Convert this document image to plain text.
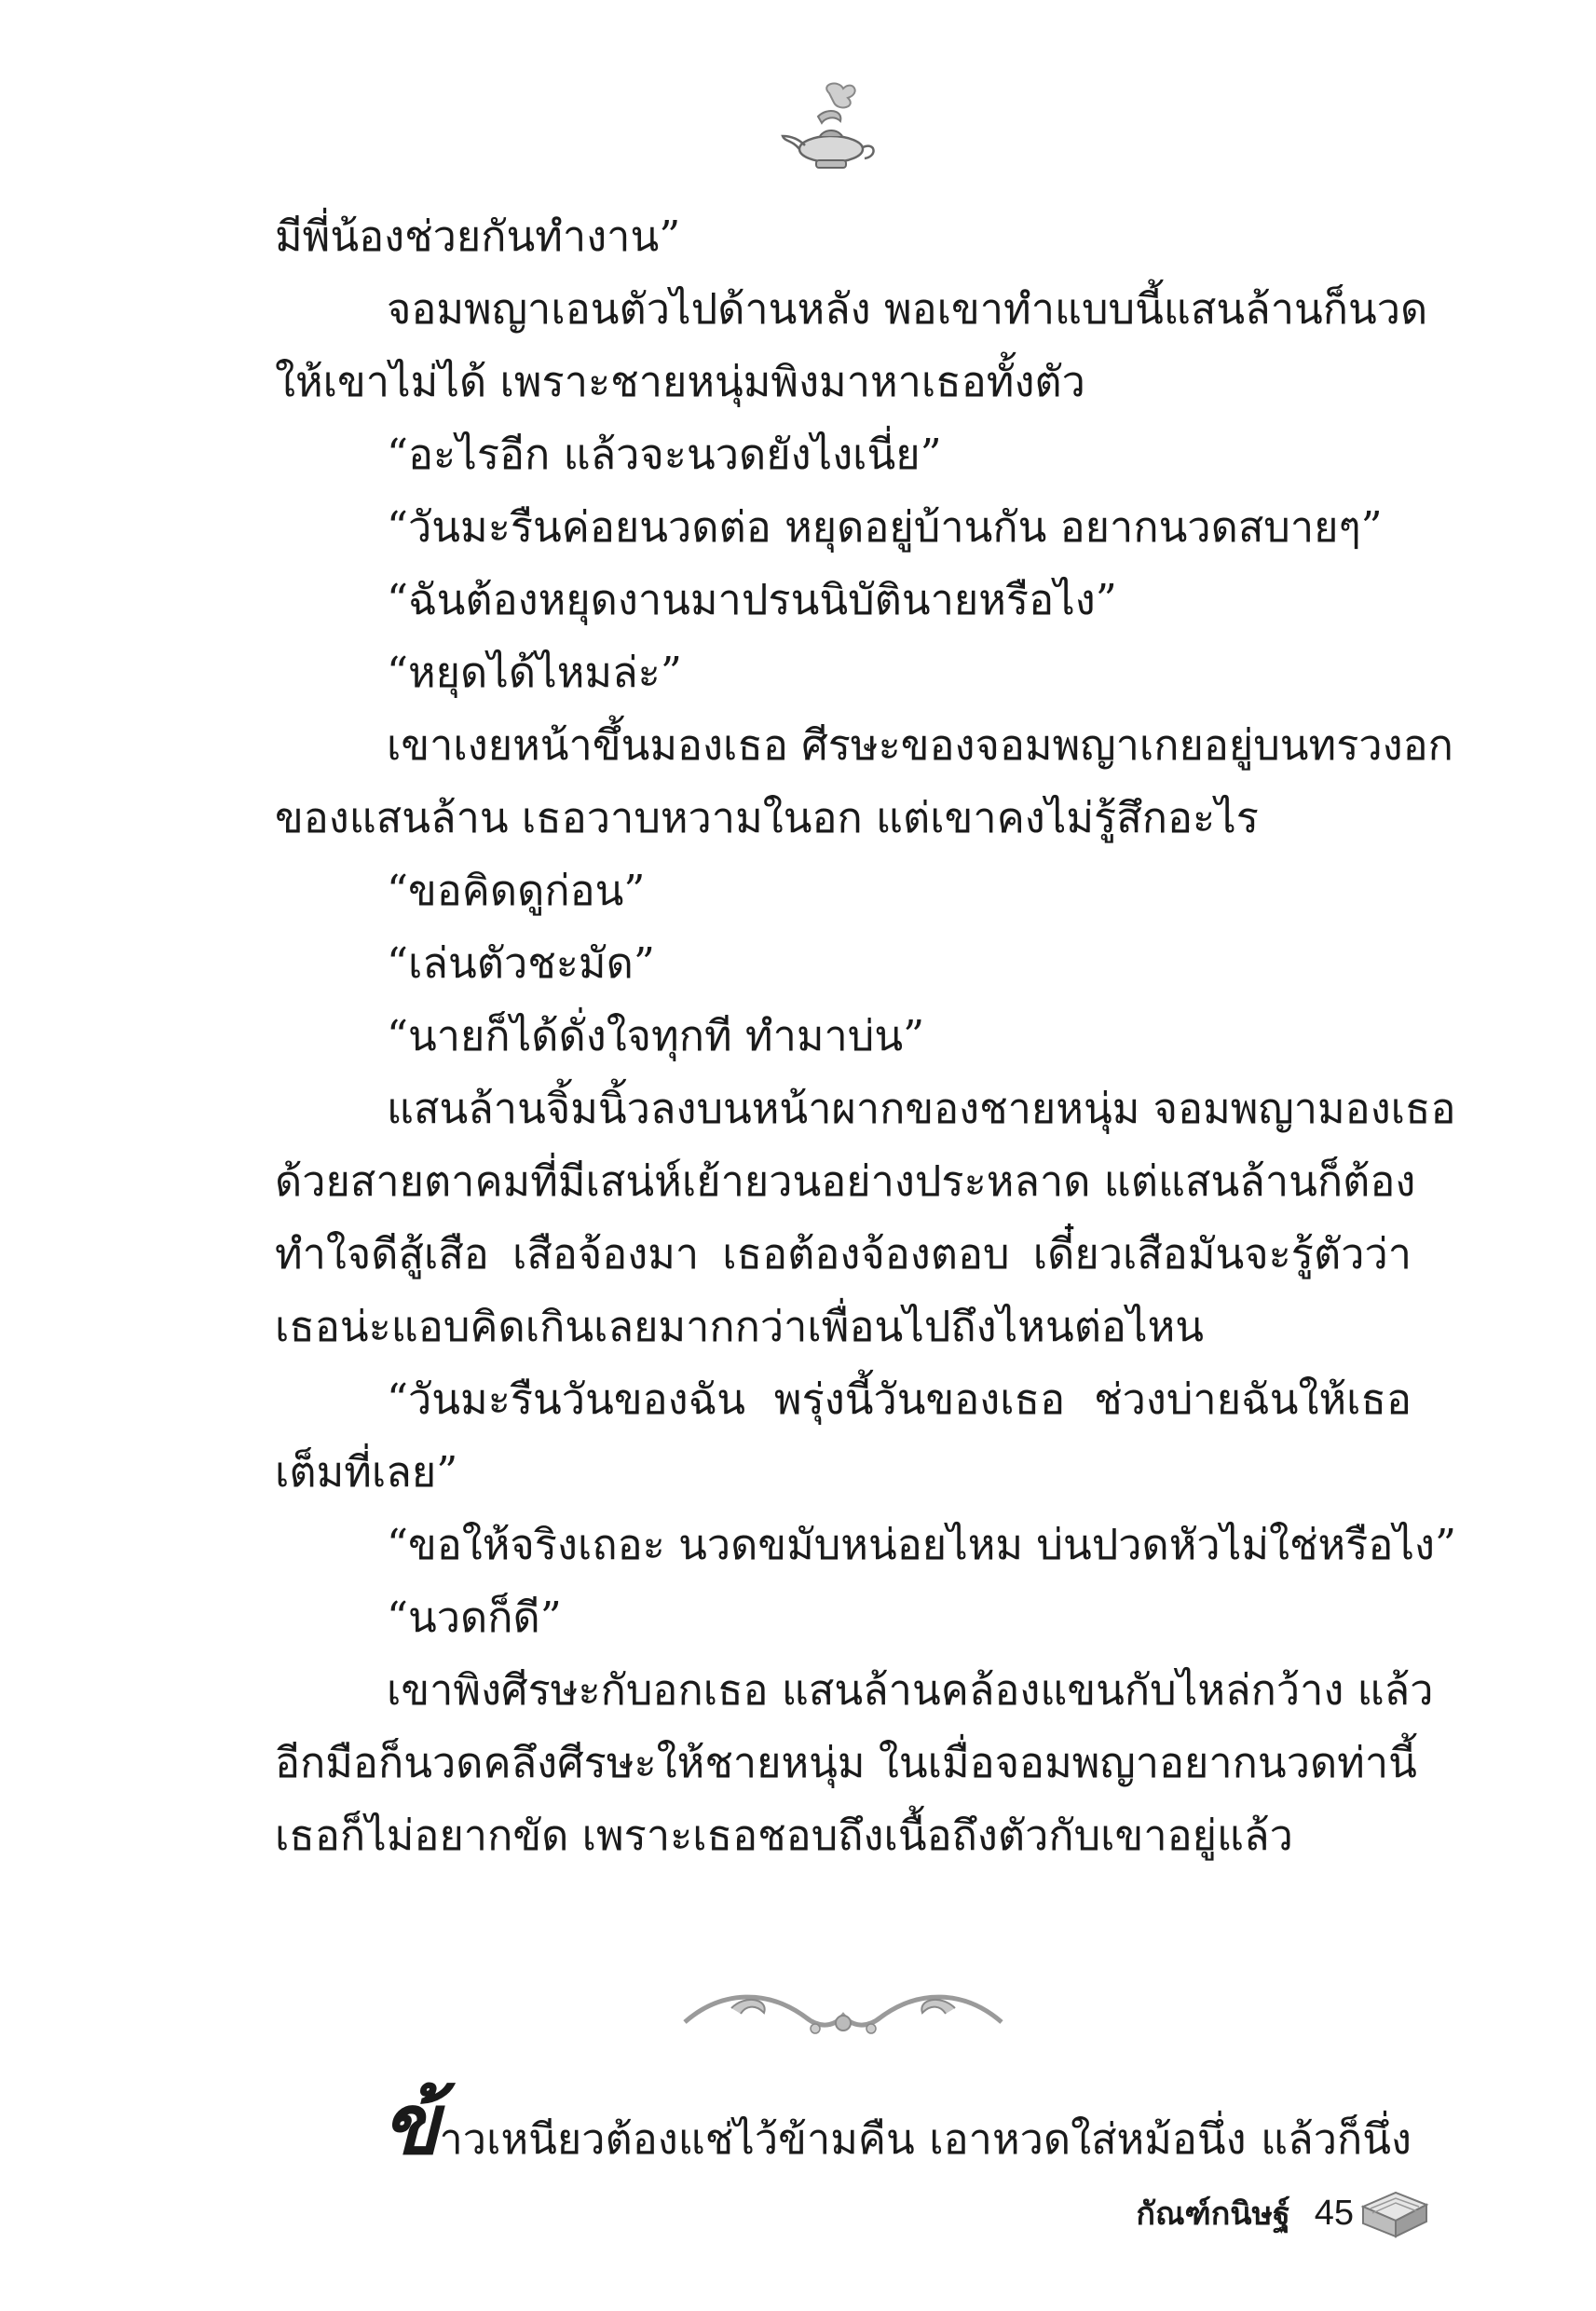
มีพี่น้องช่วยกันทำงาน”
จอมพญาเอนตัวไปด้านหลัง พอเขาทำแบบนี้แสนล้านก็นวด
ให้เขาไม่ได้ เพราะชายหนุ่มพิงมาหาเธอทั้งตัว
“อะไรอีก แล้วจะนวดยังไงเนี่ย”
“วันมะรืนค่อยนวดต่อ หยุดอยู่บ้านกัน อยากนวดสบายๆ”
“ฉันต้องหยุดงานมาปรนนิบัตินายหรือไง”
“หยุดได้ไหมล่ะ”
เขาเงยหน้าขึ้นมองเธอ ศีรษะของจอมพญาเกยอยู่บนทรวงอก
ของแสนล้าน เธอวาบหวามในอก แต่เขาคงไม่รู้สึกอะไร
“ขอคิดดูก่อน”
“เล่นตัวชะมัด”
“นายก็ได้ดั่งใจทุกที ทำมาบ่น”
แสนล้านจิ้มนิ้วลงบนหน้าผากของชายหนุ่ม จอมพญามองเธอ
ด้วยสายตาคมที่มีเสน่ห์เย้ายวนอย่างประหลาด แต่แสนล้านก็ต้อง
ทำใจดีสู้เสือ เสือจ้องมา เธอต้องจ้องตอบ เดี๋ยวเสือมันจะรู้ตัวว่า
เธอน่ะแอบคิดเกินเลยมากกว่าเพื่อนไปถึงไหนต่อไหน
“วันมะรืนวันของฉัน พรุ่งนี้วันของเธอ ช่วงบ่ายฉันให้เธอ
เต็มที่เลย”
“ขอให้จริงเถอะ นวดขมับหน่อยไหม บ่นปวดหัวไม่ใช่หรือไง”
“นวดก็ดี”
เขาพิงศีรษะกับอกเธอ แสนล้านคล้องแขนกับไหล่กว้าง แล้ว
อีกมือก็นวดคลึงศีรษะให้ชายหนุ่ม ในเมื่อจอมพญาอยากนวดท่านี้
เธอก็ไม่อยากขัด เพราะเธอชอบถึงเนื้อถึงตัวกับเขาอยู่แล้ว
ข้าวเหนียวต้องแช่ไว้ข้ามคืน เอาหวดใส่หม้อนึ่ง แล้วก็นึ่ง
กัณฑ์กนิษฐ์ 45
